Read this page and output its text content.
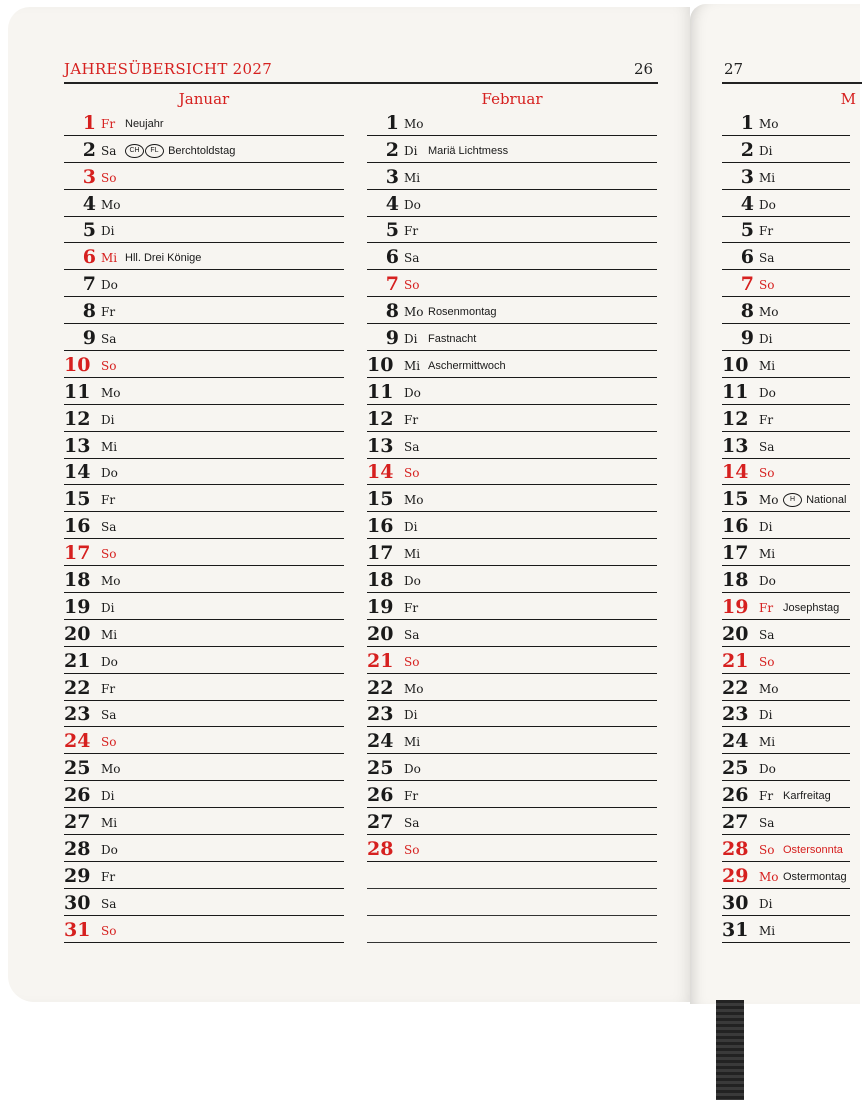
JAHRESÜBERSICHT 2027	26	27
Januar
1 Fr Neujahr
2 Sa	CH FL Berchtoldstag
3 So
4 Mo
5 Di
6 Mi Hll. Drei Könige
7 Do
8 Fr
9 Sa
10 So
11 Mo
12 Di
13 Mi
14 Do
15 Fr
16 Sa
17 So
18 Mo
19 Di
20 Mi
21 Do
22 Fr
23 Sa
24 So
25 Mo
26 Di
27 Mi
28 Do
29 Fr
30 Sa
31 So
Februar
1 Mo
2 Di Mariä Lichtmess
3 Mi
4 Do
5 Fr
6 Sa
7 So
8 Mo Rosenmontag
9 Di Fastnacht
10 Mi Aschermittwoch
11 Do
12 Fr
13 Sa
14 So
15 Mo
16 Di
17 Mi
18 Do
19 Fr
20 Sa
21 So
22 Mo
23 Di
24 Mi
25 Do
26 Fr
27 Sa
28 So
M
1 Mo
2 Di
3 Mi
4 Do
5 Fr
6 Sa
7 So
8 Mo
9 Di
10 Mi
11 Do
12 Fr
13 Sa
14 So
15 Mo	H National
16 Di
17 Mi
18 Do
19 Fr Josephstag
20 Sa
21 So
22 Mo
23 Di
24 Mi
25 Do
26 Fr Karfreitag
27 Sa
28 So Ostersonnta
29 Mo Ostermontag
30 Di
31 Mi
